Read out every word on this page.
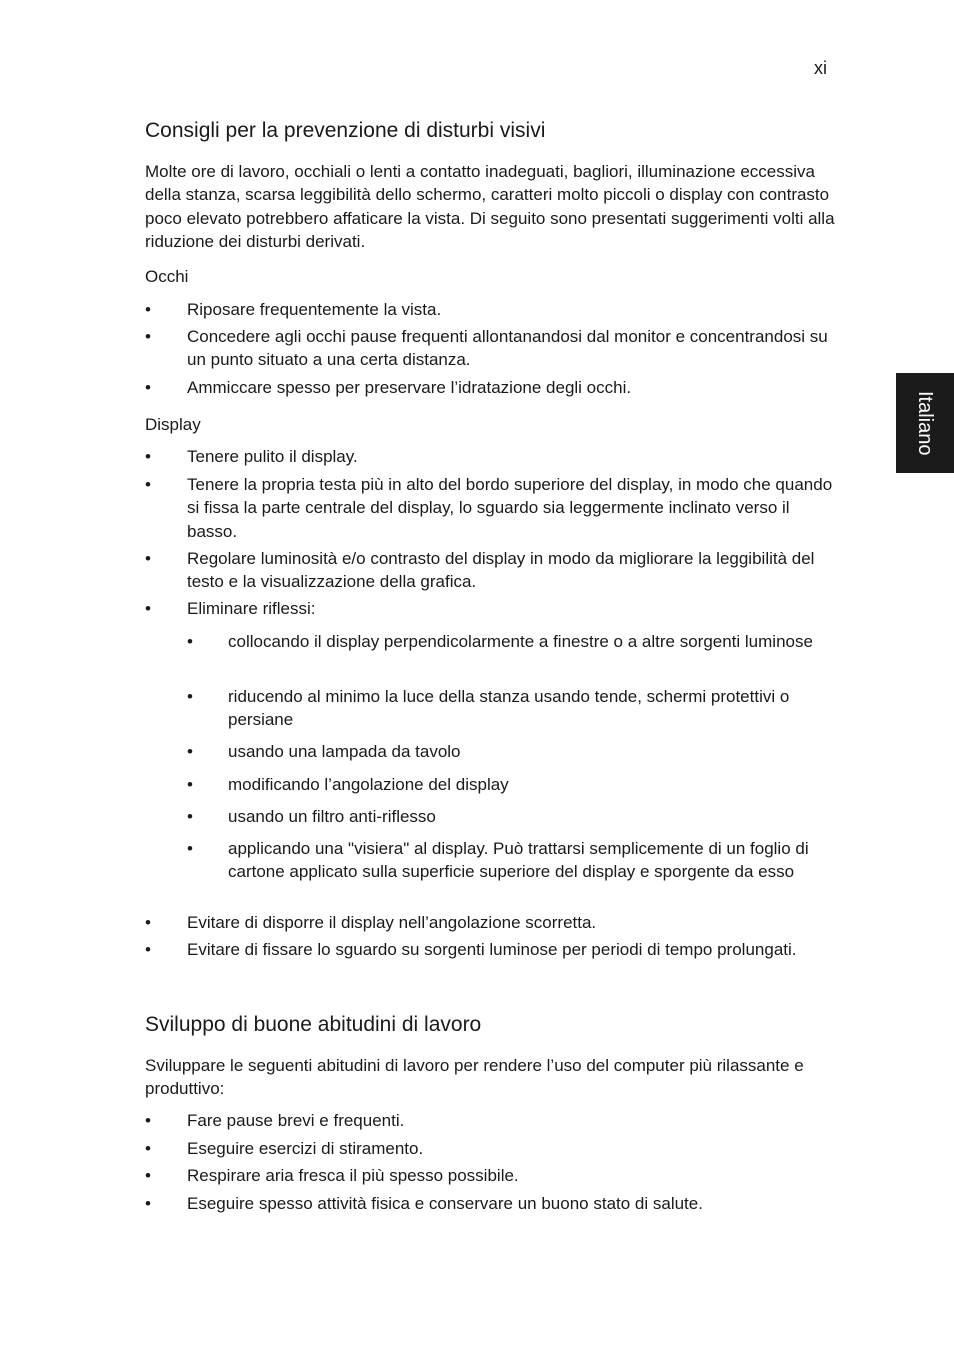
xi
Italiano
Consigli per la prevenzione di disturbi visivi
Molte ore di lavoro, occhiali o lenti a contatto inadeguati, bagliori, illuminazione eccessiva della stanza, scarsa leggibilità dello schermo, caratteri molto piccoli o display con contrasto poco elevato potrebbero affaticare la vista. Di seguito sono presentati suggerimenti volti alla riduzione dei disturbi derivati.
Occhi
• Riposare frequentemente la vista.
• Concedere agli occhi pause frequenti allontanandosi dal monitor e concentrandosi su un punto situato a una certa distanza.
• Ammiccare spesso per preservare l’idratazione degli occhi.
Display
• Tenere pulito il display.
• Tenere la propria testa più in alto del bordo superiore del display, in modo che quando si fissa la parte centrale del display, lo sguardo sia leggermente inclinato verso il basso.
• Regolare luminosità e/o contrasto del display in modo da migliorare la leggibilità del testo e la visualizzazione della grafica.
• Eliminare riflessi:
• collocando il display perpendicolarmente a finestre o a altre sorgenti luminose
• riducendo al minimo la luce della stanza usando tende, schermi protettivi o persiane
• usando una lampada da tavolo
• modificando l’angolazione del display
• usando un filtro anti-riflesso
• applicando una "visiera" al display. Può trattarsi semplicemente di un foglio di cartone applicato sulla superficie superiore del display e sporgente da esso
• Evitare di disporre il display nell’angolazione scorretta.
• Evitare di fissare lo sguardo su sorgenti luminose per periodi di tempo prolungati.
Sviluppo di buone abitudini di lavoro
Sviluppare le seguenti abitudini di lavoro per rendere l’uso del computer più rilassante e produttivo:
• Fare pause brevi e frequenti.
• Eseguire esercizi di stiramento.
• Respirare aria fresca il più spesso possibile.
• Eseguire spesso attività fisica e conservare un buono stato di salute.
